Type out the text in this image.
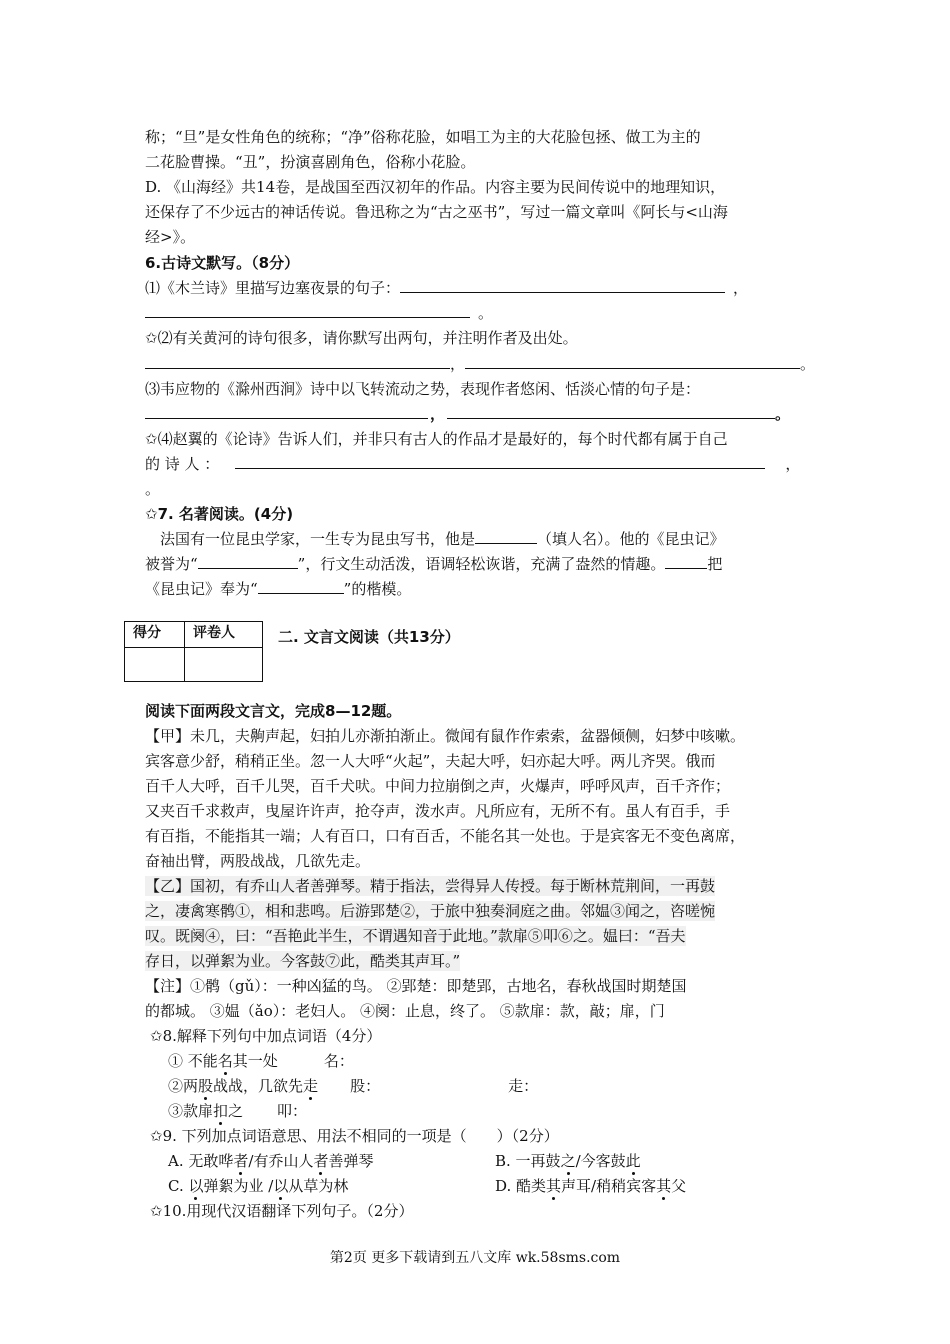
称；“旦”是女性角色的统称；“净”俗称花脸，如唱工为主的大花脸包拯、做工为主的
二花脸曹操。“丑”，扮演喜剧角色，俗称小花脸。
D. 《山海经》共14卷，是战国至西汉初年的作品。内容主要为民间传说中的地理知识，
还保存了不少远古的神话传说。鲁迅称之为“古之巫书”，写过一篇文章叫《阿长与<山海
经>》。
6.古诗文默写。（8分）
⑴《木兰诗》里描写边塞夜景的句子：	，
。
✩⑵有关黄河的诗句很多，请你默写出两句，并注明作者及出处。
，	。
⑶韦应物的《滁州西涧》诗中以飞转流动之势，表现作者悠闲、恬淡心情的句子是：
，	。
✩⑷赵翼的《论诗》告诉人们，并非只有古人的作品才是最好的，每个时代都有属于自己
的 诗 人 ：	，
。
✩7. 名著阅读。(4分)
法国有一位昆虫学家，一生专为昆虫写书，他是	（填人名）。他的《昆虫记》
被誉为“	”，行文生动活泼，语调轻松诙谐，充满了盎然的情趣。	把
《昆虫记》奉为“	”的楷模。
得分	评卷人
		二. 文言文阅读（共13分）
阅读下面两段文言文，完成8—12题。
【甲】未几，夫齁声起，妇拍儿亦渐拍渐止。微闻有鼠作作索索，盆器倾侧，妇梦中咳嗽。
宾客意少舒，稍稍正坐。忽一人大呼“火起”，夫起大呼，妇亦起大呼。两儿齐哭。俄而
百千人大呼，百千儿哭，百千犬吠。中间力拉崩倒之声，火爆声，呼呼风声，百千齐作；
又夹百千求救声，曳屋许许声，抢夺声，泼水声。凡所应有，无所不有。虽人有百手，手
有百指，不能指其一端；人有百口，口有百舌，不能名其一处也。于是宾客无不变色离席，
奋袖出臂，两股战战，几欲先走。
【乙】国初，有乔山人者善弹琴。精于指法，尝得异人传授。每于断林荒荆间，一再鼓
之，凄禽寒鹘①，相和悲鸣。后游郢楚②，于旅中独奏洞庭之曲。邻媪③闻之，咨嗟惋
叹。既阕④，曰：“吾艳此半生，不谓遇知音于此地。”款扉⑤叩⑥之。媪曰：“吾夫
存日，以弹絮为业。今客鼓⑦此，酷类其声耳。”
【注】①鹘（gǔ）：一种凶猛的鸟。 ②郢楚：即楚郢，古地名，春秋战国时期楚国
的都城。 ③媪（ǎo）：老妇人。 ④阕：止息，终了。 ⑤款扉：款，敲；扉，门
✩8.解释下列句中加点词语（4分）
① 不能名其一处	名：
②两股战战，几欲先走 股：	走：
③款扉扣之 叩：
✩9. 下列加点词语意思、用法不相同的一项是（　　）（2分）
A. 无敢哗者/有乔山人者善弹琴	B. 一再鼓之/今客鼓此
C. 以弹絮为业 /以从草为林	D. 酷类其声耳/稍稍宾客其父
✩10.用现代汉语翻译下列句子。（2分）
第2页 更多下载请到五八文库 wk.58sms.com
